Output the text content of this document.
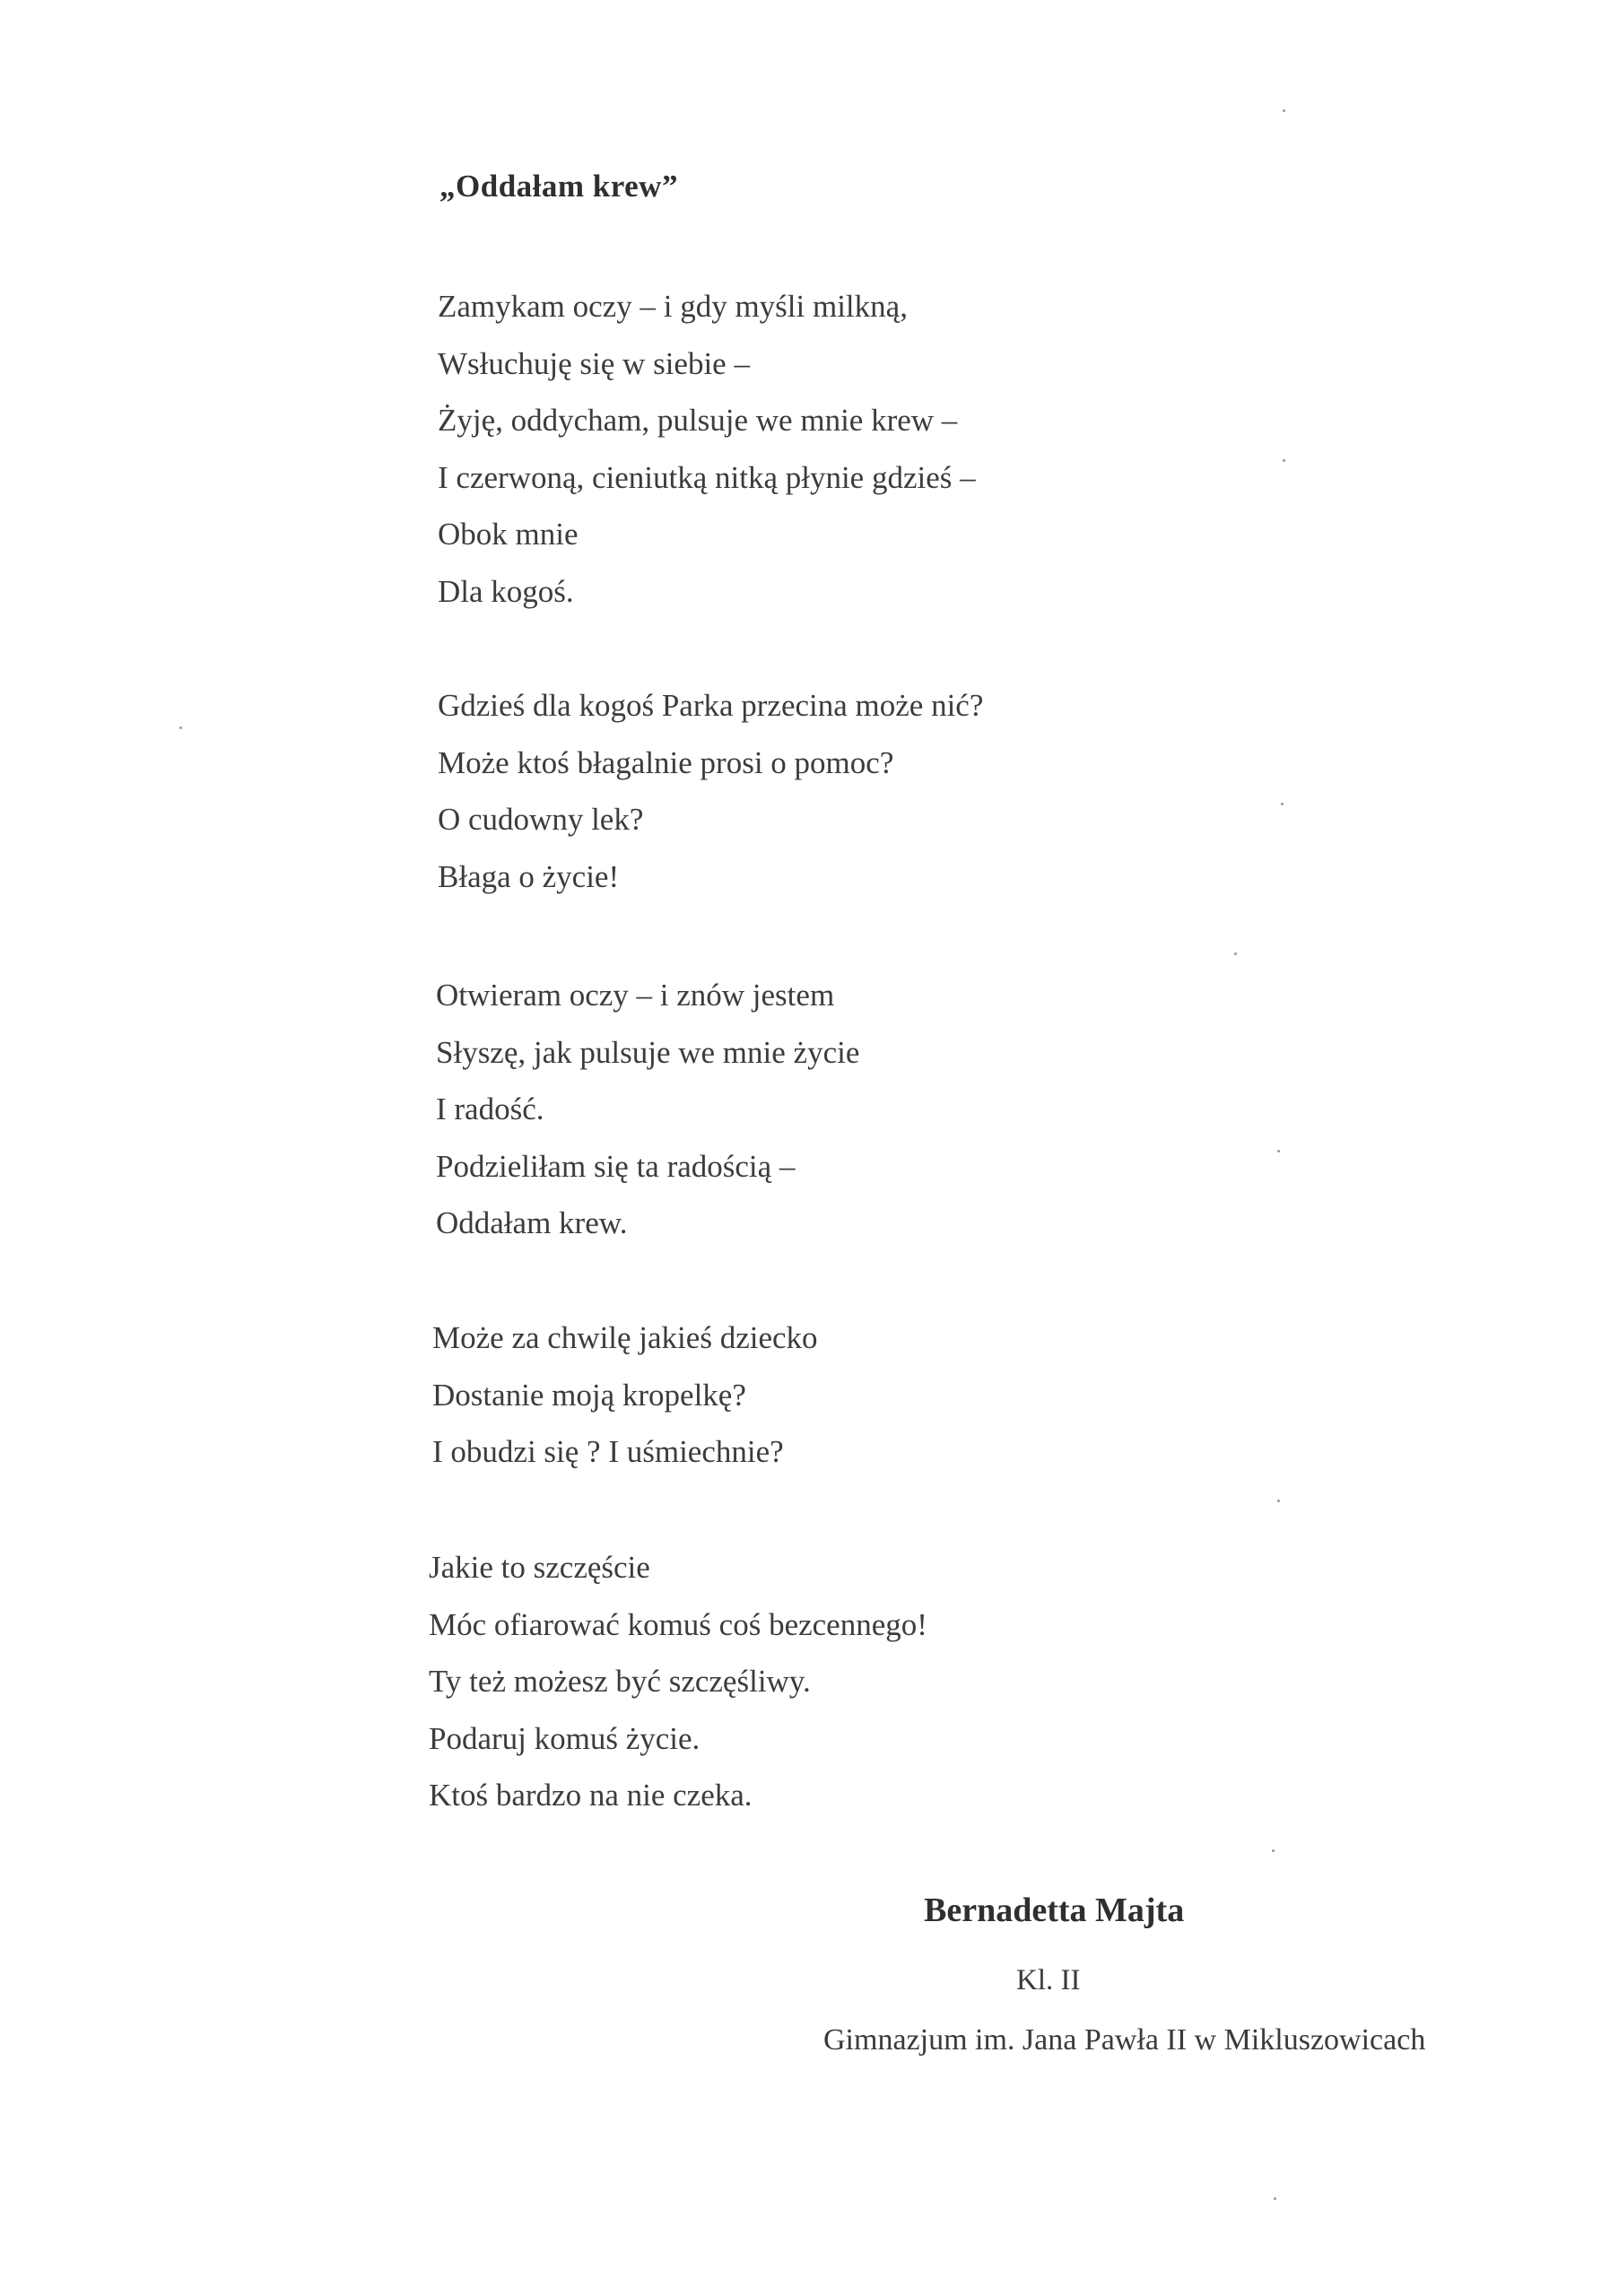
„Oddałam krew”
Zamykam oczy – i gdy myśli milkną,
Wsłuchuję się w siebie –
Żyję, oddycham, pulsuje we mnie krew –
I czerwoną, cieniutką nitką płynie gdzieś –
Obok mnie
Dla kogoś.
Gdzieś dla kogoś Parka przecina może nić?
Może ktoś błagalnie prosi o pomoc?
O cudowny lek?
Błaga o życie!
Otwieram oczy – i znów jestem
Słyszę, jak pulsuje we mnie życie
I radość.
Podzieliłam się ta radością –
Oddałam krew.
Może za chwilę jakieś dziecko
Dostanie moją kropelkę?
I obudzi się ? I uśmiechnie?
Jakie to szczęście
Móc ofiarować komuś coś bezcennego!
Ty też możesz być szczęśliwy.
Podaruj komuś życie.
Ktoś bardzo na nie czeka.
Bernadetta Majta
Kl. II
Gimnazjum im. Jana Pawła II w Mikluszowicach
